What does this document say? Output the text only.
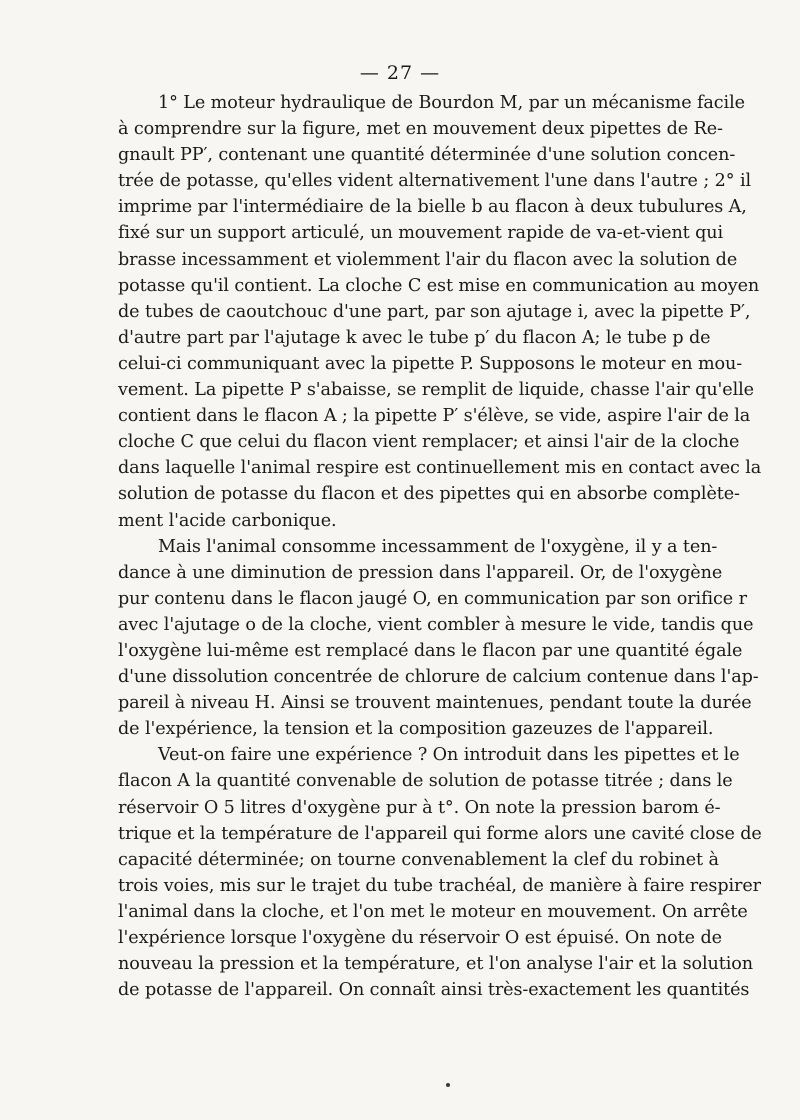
— 27 —
1° Le moteur hydraulique de Bourdon M, par un mécanisme facile
à comprendre sur la figure, met en mouvement deux pipettes de Re-
gnault PP′, contenant une quantité déterminée d'une solution concen-
trée de potasse, qu'elles vident alternativement l'une dans l'autre ; 2° il
imprime par l'intermédiaire de la bielle b au flacon à deux tubulures A,
fixé sur un support articulé, un mouvement rapide de va-et-vient qui
brasse incessamment et violemment l'air du flacon avec la solution de
potasse qu'il contient. La cloche C est mise en communication au moyen
de tubes de caoutchouc d'une part, par son ajutage i, avec la pipette P′,
d'autre part par l'ajutage k avec le tube p′ du flacon A; le tube p de
celui-ci communiquant avec la pipette P. Supposons le moteur en mou-
vement. La pipette P s'abaisse, se remplit de liquide, chasse l'air qu'elle
contient dans le flacon A ; la pipette P′ s'élève, se vide, aspire l'air de la
cloche C que celui du flacon vient remplacer; et ainsi l'air de la cloche
dans laquelle l'animal respire est continuellement mis en contact avec la
solution de potasse du flacon et des pipettes qui en absorbe complète-
ment l'acide carbonique.
Mais l'animal consomme incessamment de l'oxygène, il y a ten-
dance à une diminution de pression dans l'appareil. Or, de l'oxygène
pur contenu dans le flacon jaugé O, en communication par son orifice r
avec l'ajutage o de la cloche, vient combler à mesure le vide, tandis que
l'oxygène lui-même est remplacé dans le flacon par une quantité égale
d'une dissolution concentrée de chlorure de calcium contenue dans l'ap-
pareil à niveau H. Ainsi se trouvent maintenues, pendant toute la durée
de l'expérience, la tension et la composition gazeuzes de l'appareil.
Veut-on faire une expérience ? On introduit dans les pipettes et le
flacon A la quantité convenable de solution de potasse titrée ; dans le
réservoir O 5 litres d'oxygène pur à t°. On note la pression barom é-
trique et la température de l'appareil qui forme alors une cavité close de
capacité déterminée; on tourne convenablement la clef du robinet à
trois voies, mis sur le trajet du tube trachéal, de manière à faire respirer
l'animal dans la cloche, et l'on met le moteur en mouvement. On arrête
l'expérience lorsque l'oxygène du réservoir O est épuisé. On note de
nouveau la pression et la température, et l'on analyse l'air et la solution
de potasse de l'appareil. On connaît ainsi très-exactement les quantités
